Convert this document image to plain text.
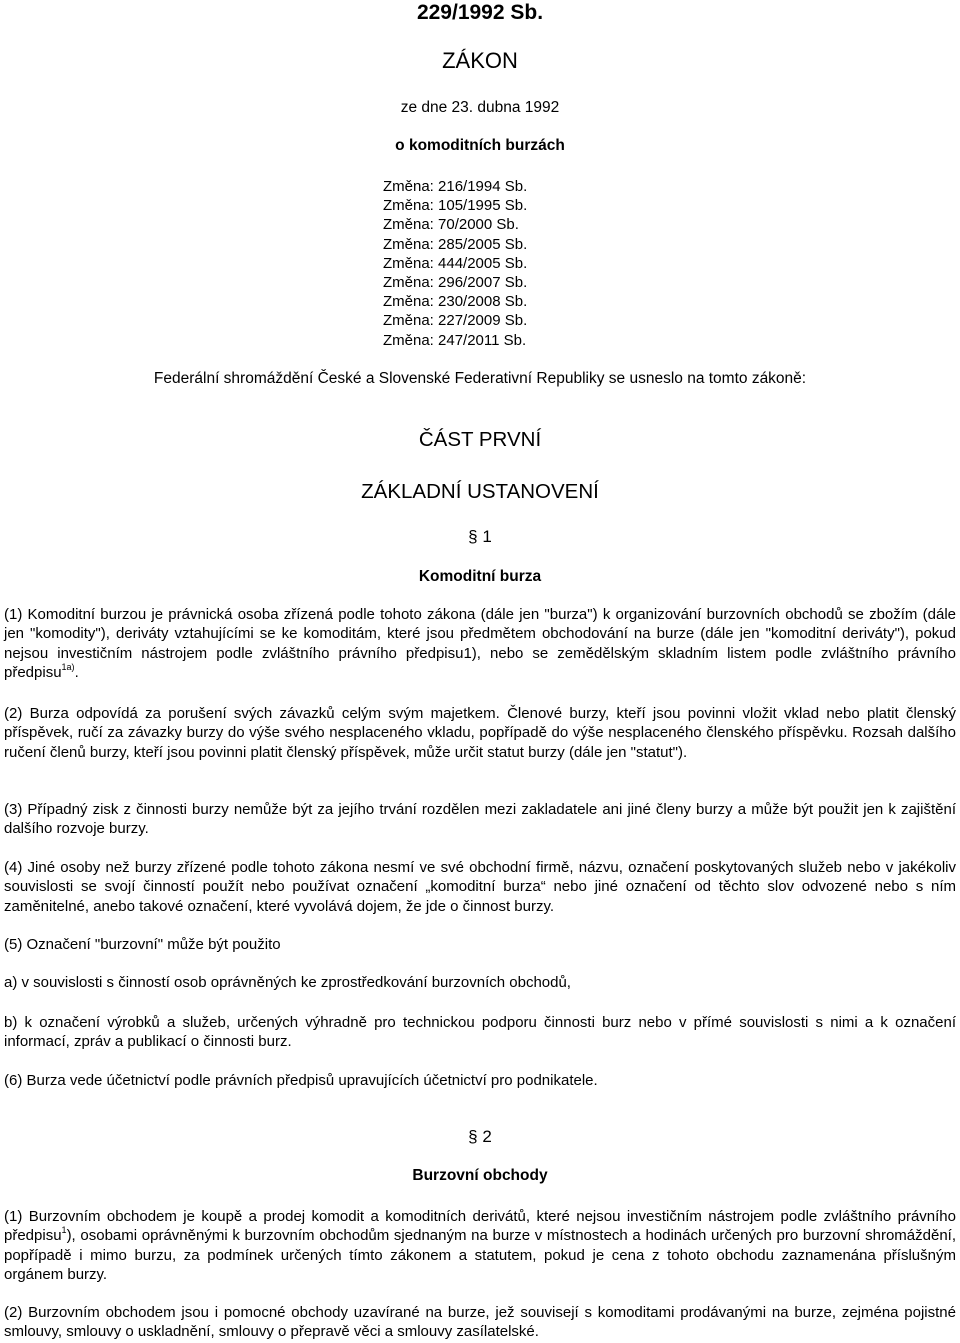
229/1992 Sb.
ZÁKON
ze dne 23. dubna 1992
o komoditních burzách
Změna: 216/1994 Sb.
Změna: 105/1995 Sb.
Změna: 70/2000 Sb.
Změna: 285/2005 Sb.
Změna: 444/2005 Sb.
Změna: 296/2007 Sb.
Změna: 230/2008 Sb.
Změna: 227/2009 Sb.
Změna: 247/2011 Sb.
Federální shromáždění České a Slovenské Federativní Republiky se usneslo na tomto zákoně:
ČÁST PRVNÍ
ZÁKLADNÍ USTANOVENÍ
§ 1
Komoditní burza
(1) Komoditní burzou je právnická osoba zřízená podle tohoto zákona (dále jen "burza") k organizování burzovních obchodů se zbožím (dále jen "komodity"), deriváty vztahujícími se ke komoditám, které jsou předmětem obchodování na burze (dále jen "komoditní deriváty"), pokud nejsou investičním nástrojem podle zvláštního právního předpisu1), nebo se zemědělským skladním listem podle zvláštního právního předpisu$^{1a)}$.
(2) Burza odpovídá za porušení svých závazků celým svým majetkem. Členové burzy, kteří jsou povinni vložit vklad nebo platit členský příspěvek, ručí za závazky burzy do výše svého nesplaceného vkladu, popřípadě do výše nesplaceného členského příspěvku. Rozsah dalšího ručení členů burzy, kteří jsou povinni platit členský příspěvek, může určit statut burzy (dále jen "statut").
(3) Případný zisk z činnosti burzy nemůže být za jejího trvání rozdělen mezi zakladatele ani jiné členy burzy a může být použit jen k zajištění dalšího rozvoje burzy.
(4) Jiné osoby než burzy zřízené podle tohoto zákona nesmí ve své obchodní firmě, názvu, označení poskytovaných služeb nebo v jakékoliv souvislosti se svojí činností použít nebo používat označení „komoditní burza“ nebo jiné označení od těchto slov odvozené nebo s ním zaměnitelné, anebo takové označení, které vyvolává dojem, že jde o činnost burzy.
(5) Označení "burzovní" může být použito
a) v souvislosti s činností osob oprávněných ke zprostředkování burzovních obchodů,
b) k označení výrobků a služeb, určených výhradně pro technickou podporu činnosti burz nebo v přímé souvislosti s nimi a k označení informací, zpráv a publikací o činnosti burz.
(6) Burza vede účetnictví podle právních předpisů upravujících účetnictví pro podnikatele.
§ 2
Burzovní obchody
(1) Burzovním obchodem je koupě a prodej komodit a komoditních derivátů, které nejsou investičním nástrojem podle zvláštního právního předpisu$^1$), osobami oprávněnými k burzovním obchodům sjednaným na burze v místnostech a hodinách určených pro burzovní shromáždění, popřípadě i mimo burzu, za podmínek určených tímto zákonem a statutem, pokud je cena z tohoto obchodu zaznamenána příslušným orgánem burzy.
(2) Burzovním obchodem jsou i pomocné obchody uzavírané na burze, jež souvisejí s komoditami prodávanými na burze, zejména pojistné smlouvy, smlouvy o uskladnění, smlouvy o přepravě věci a smlouvy zasílatelské.
